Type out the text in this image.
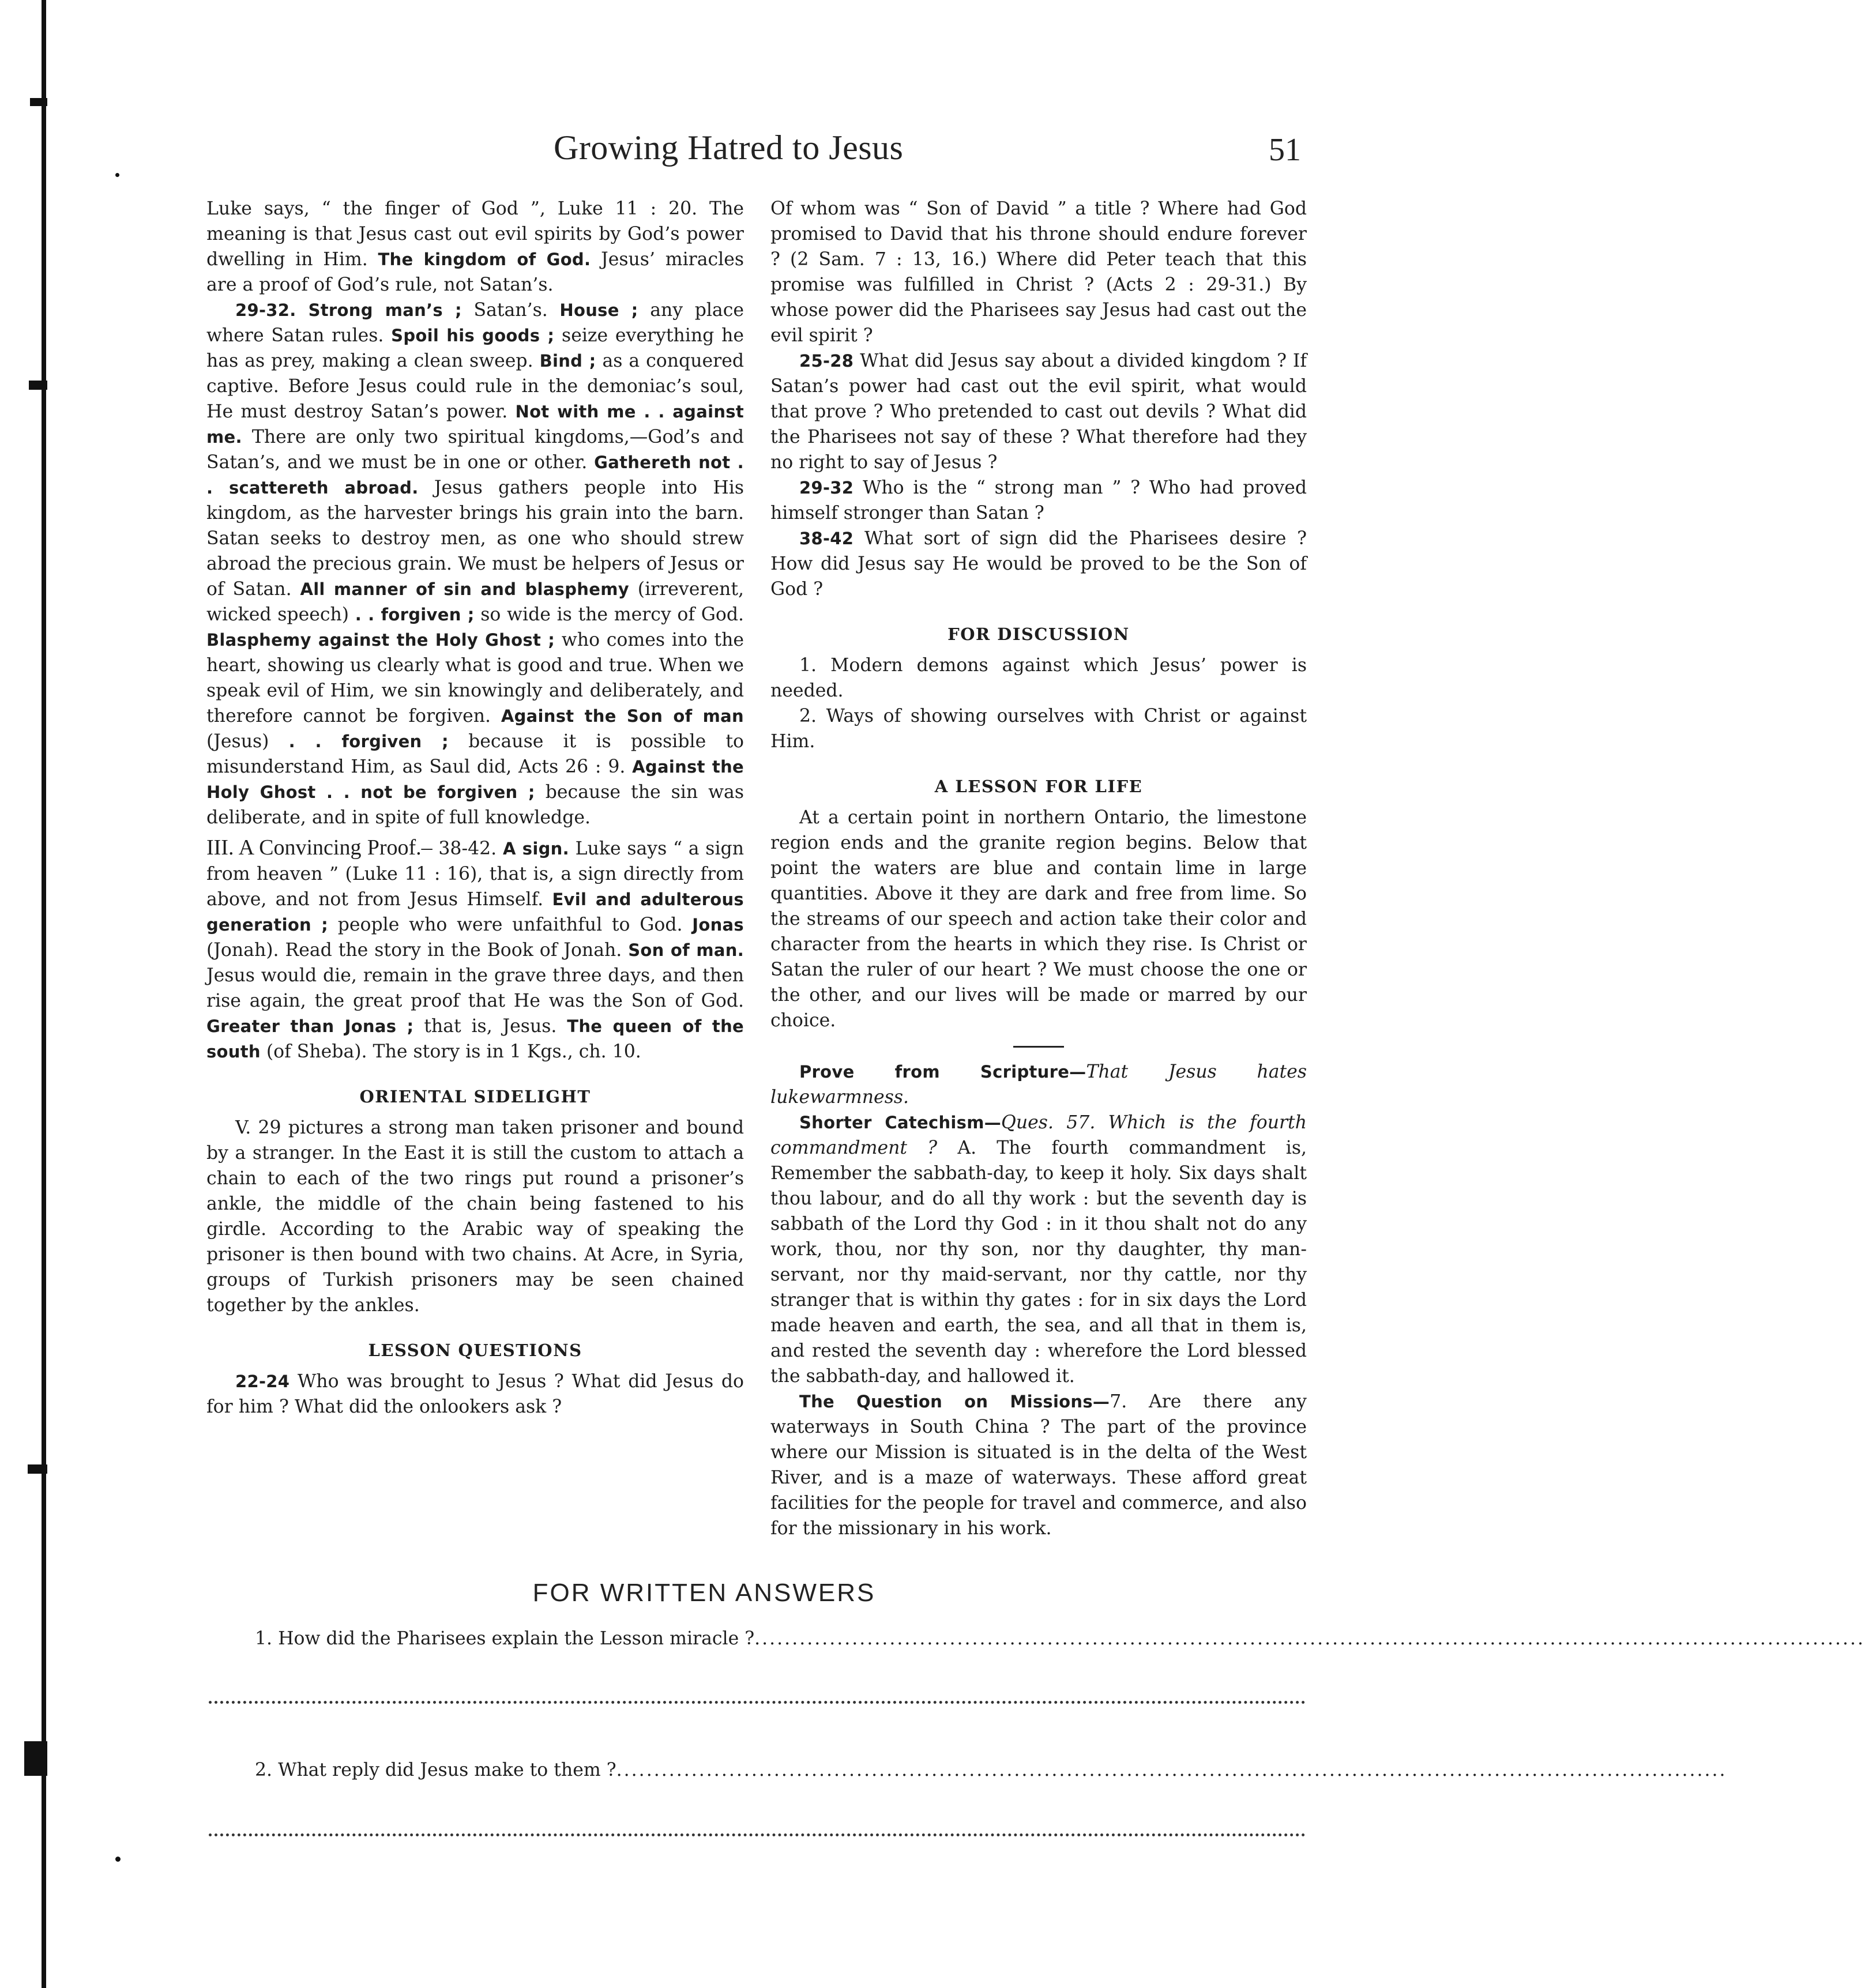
Growing Hatred to Jesus	51

Luke says, “ the finger of God ”, Luke 11 : 20. The meaning is that Jesus cast out evil spirits by God’s power dwelling in Him. The kingdom of God. Jesus’ miracles are a proof of God’s rule, not Satan’s.

29-32. Strong man’s ; Satan’s. House ; any place where Satan rules. Spoil his goods ; seize everything he has as prey, making a clean sweep. Bind ; as a conquered captive. Before Jesus could rule in the demoniac’s soul, He must destroy Satan’s power. Not with me . . against me. There are only two spiritual kingdoms,—God’s and Satan’s, and we must be in one or other. Gathereth not . . scattereth abroad. Jesus gathers people into His kingdom, as the harvester brings his grain into the barn. Satan seeks to destroy men, as one who should strew abroad the precious grain. We must be helpers of Jesus or of Satan. All manner of sin and blasphemy (irreverent, wicked speech) . . forgiven ; so wide is the mercy of God. Blasphemy against the Holy Ghost ; who comes into the heart, showing us clearly what is good and true. When we speak evil of Him, we sin knowingly and deliberately, and therefore cannot be forgiven. Against the Son of man (Jesus) . . forgiven ; because it is possible to misunderstand Him, as Saul did, Acts 26 : 9. Against the Holy Ghost . . not be forgiven ; because the sin was deliberate, and in spite of full knowledge.

III. A Convincing Proof.– 38-42. A sign. Luke says “ a sign from heaven ” (Luke 11 : 16), that is, a sign directly from above, and not from Jesus Himself. Evil and adulterous generation ; people who were unfaithful to God. Jonas (Jonah). Read the story in the Book of Jonah. Son of man. Jesus would die, remain in the grave three days, and then rise again, the great proof that He was the Son of God. Greater than Jonas ; that is, Jesus. The queen of the south (of Sheba). The story is in 1 Kgs., ch. 10.

ORIENTAL SIDELIGHT

V. 29 pictures a strong man taken prisoner and bound by a stranger. In the East it is still the custom to attach a chain to each of the two rings put round a prisoner’s ankle, the middle of the chain being fastened to his girdle. According to the Arabic way of speaking the prisoner is then bound with two chains. At Acre, in Syria, groups of Turkish prisoners may be seen chained together by the ankles.

LESSON QUESTIONS

22-24 Who was brought to Jesus ? What did Jesus do for him ? What did the onlookers ask ?

Of whom was “ Son of David ” a title ? Where had God promised to David that his throne should endure forever ? (2 Sam. 7 : 13, 16.) Where did Peter teach that this promise was fulfilled in Christ ? (Acts 2 : 29-31.) By whose power did the Pharisees say Jesus had cast out the evil spirit ?

25-28 What did Jesus say about a divided kingdom ? If Satan’s power had cast out the evil spirit, what would that prove ? Who pretended to cast out devils ? What did the Pharisees not say of these ? What therefore had they no right to say of Jesus ?

29-32 Who is the “ strong man ” ? Who had proved himself stronger than Satan ?

38-42 What sort of sign did the Pharisees desire ? How did Jesus say He would be proved to be the Son of God ?

FOR DISCUSSION

1. Modern demons against which Jesus’ power is needed.

2. Ways of showing ourselves with Christ or against Him.

A LESSON FOR LIFE

At a certain point in northern Ontario, the limestone region ends and the granite region begins. Below that point the waters are blue and contain lime in large quantities. Above it they are dark and free from lime. So the streams of our speech and action take their color and character from the hearts in which they rise. Is Christ or Satan the ruler of our heart ? We must choose the one or the other, and our lives will be made or marred by our choice.

Prove from Scripture—That Jesus hates lukewarmness.

Shorter Catechism—Ques. 57. Which is the fourth commandment ? A. The fourth commandment is, Remember the sabbath-day, to keep it holy. Six days shalt thou labour, and do all thy work : but the seventh day is sabbath of the Lord thy God : in it thou shalt not do any work, thou, nor thy son, nor thy daughter, thy man-servant, nor thy maid-servant, nor thy cattle, nor thy stranger that is within thy gates : for in six days the Lord made heaven and earth, the sea, and all that in them is, and rested the seventh day : wherefore the Lord blessed the sabbath-day, and hallowed it.

The Question on Missions—7. Are there any waterways in South China ? The part of the province where our Mission is situated is in the delta of the West River, and is a maze of waterways. These afford great facilities for the people for travel and commerce, and also for the missionary in his work.

FOR WRITTEN ANSWERS
1. How did the Pharisees explain the Lesson miracle ?....................................................................................................................................................
2. What reply did Jesus make to them ?....................................................................................................................................................
